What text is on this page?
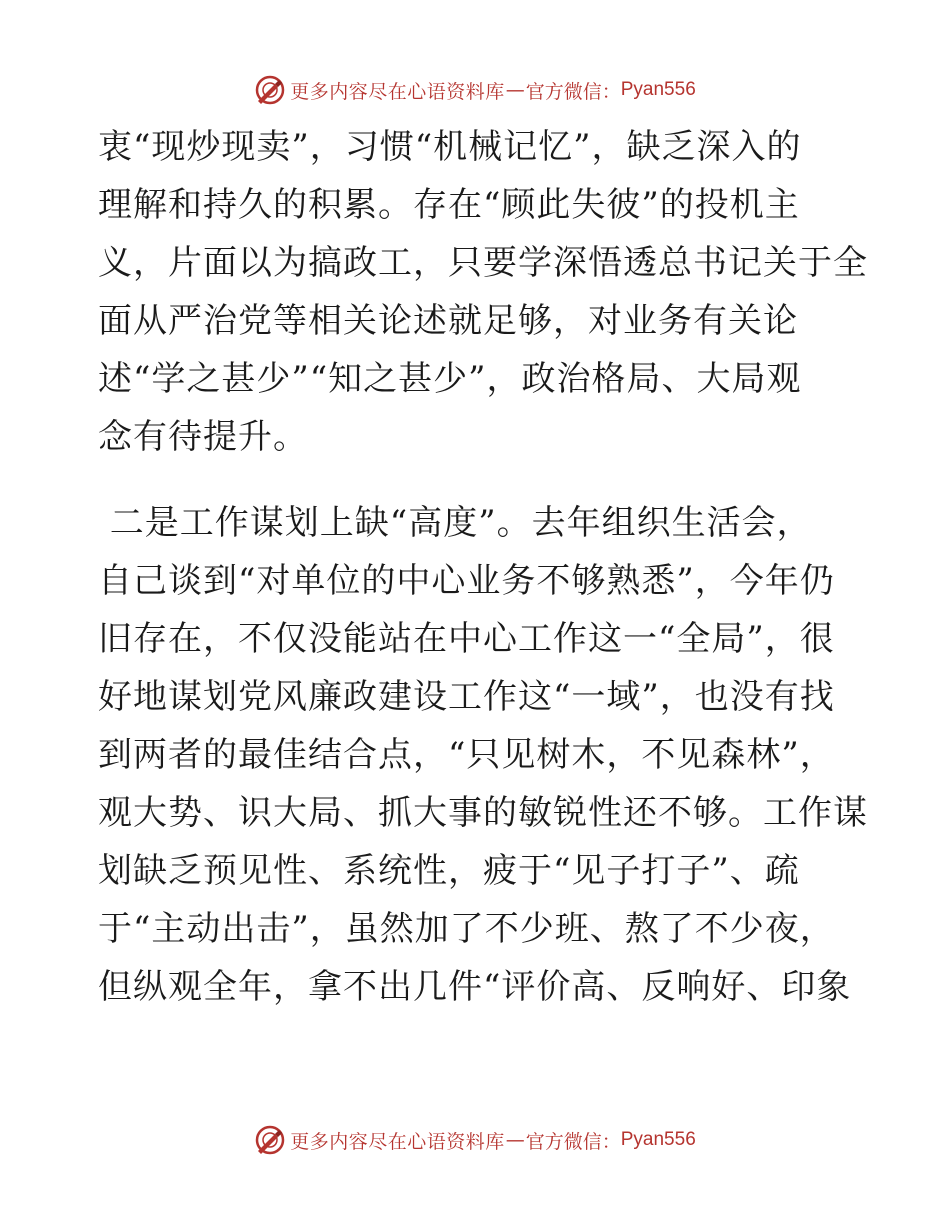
更多内容尽在心语资料库 — 官方微信： Pyan556
衷“现炒现卖”，习惯“机械记忆”，缺乏深入的
理解和持久的积累。存在“顾此失彼”的投机主
义，片面以为搞政工，只要学深悟透总书记关于全
面从严治党等相关论述就足够，对业务有关论
述“学之甚少”“知之甚少”，政治格局、大局观
念有待提升。
二是工作谋划上缺“高度”。去年组织生活会，
自己谈到“对单位的中心业务不够熟悉”，今年仍
旧存在，不仅没能站在中心工作这一“全局”，很
好地谋划党风廉政建设工作这“一域”，也没有找
到两者的最佳结合点，“只见树木，不见森林”，
观大势、识大局、抓大事的敏锐性还不够。工作谋
划缺乏预见性、系统性，疲于“见子打子”、疏
于“主动出击”，虽然加了不少班、熬了不少夜，
但纵观全年，拿不出几件“评价高、反响好、印象
更多内容尽在心语资料库 — 官方微信： Pyan556
